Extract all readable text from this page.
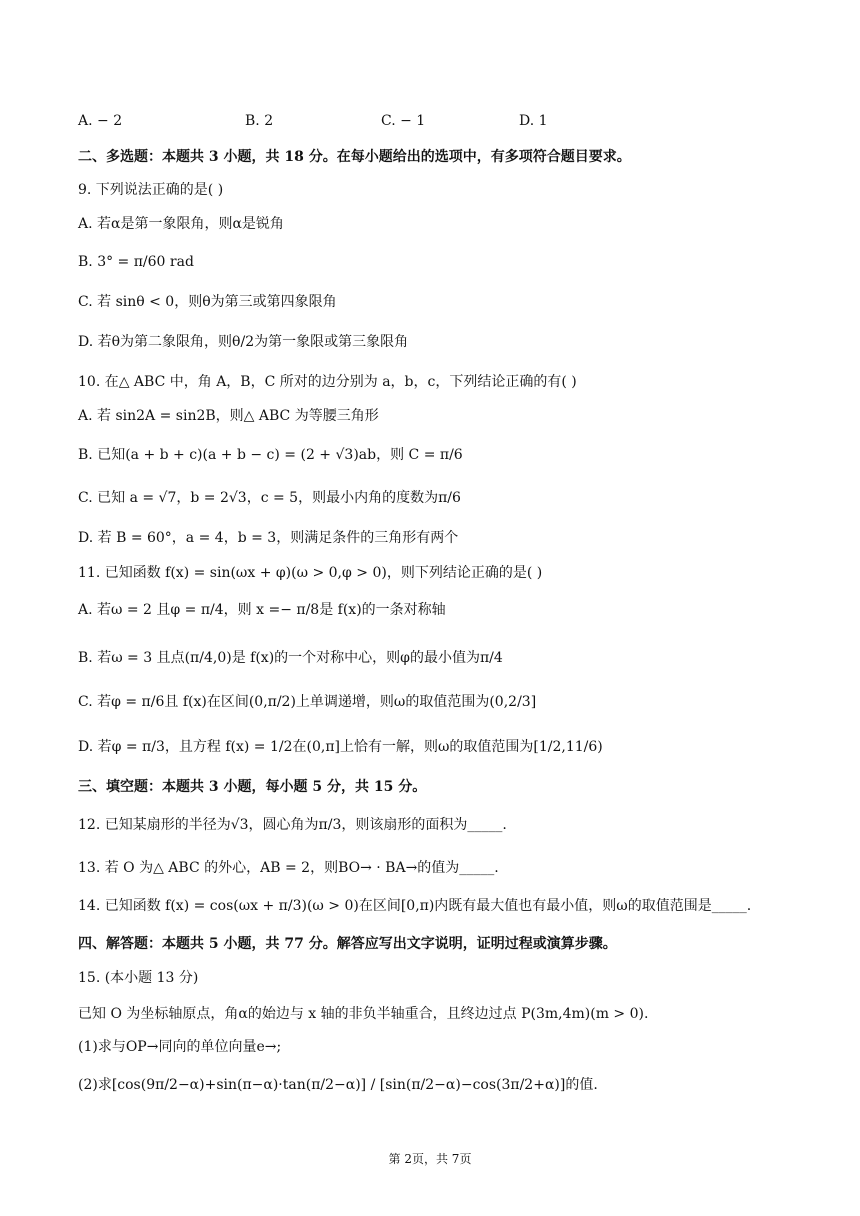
A. − 2	B. 2	C. − 1	D. 1
二、多选题：本题共 3 小题，共 18 分。在每小题给出的选项中，有多项符合题目要求。
9. 下列说法正确的是( )
A. 若α是第一象限角，则α是锐角
B. 3° = π/60 rad
C. 若 sinθ < 0，则θ为第三或第四象限角
D. 若θ为第二象限角，则θ/2为第一象限或第三象限角
10. 在△ ABC 中，角 A，B，C 所对的边分别为 a，b，c，下列结论正确的有( )
A. 若 sin2A = sin2B，则△ ABC 为等腰三角形
B. 已知(a + b + c)(a + b − c) = (2 + √3)ab，则 C = π/6
C. 已知 a = √7，b = 2√3，c = 5，则最小内角的度数为π/6
D. 若 B = 60°，a = 4，b = 3，则满足条件的三角形有两个
11. 已知函数 f(x) = sin(ωx + φ)(ω > 0,φ > 0)，则下列结论正确的是( )
A. 若ω = 2 且φ = π/4，则 x =− π/8是 f(x)的一条对称轴
B. 若ω = 3 且点(π/4,0)是 f(x)的一个对称中心，则φ的最小值为π/4
C. 若φ = π/6且 f(x)在区间(0,π/2)上单调递增，则ω的取值范围为(0,2/3]
D. 若φ = π/3，且方程 f(x) = 1/2在(0,π]上恰有一解，则ω的取值范围为[1/2,11/6)
三、填空题：本题共 3 小题，每小题 5 分，共 15 分。
12. 已知某扇形的半径为√3，圆心角为π/3，则该扇形的面积为_____.
13. 若 O 为△ ABC 的外心，AB = 2，则BO→ · BA→的值为_____.
14. 已知函数 f(x) = cos(ωx + π/3)(ω > 0)在区间[0,π)内既有最大值也有最小值，则ω的取值范围是_____.
四、解答题：本题共 5 小题，共 77 分。解答应写出文字说明，证明过程或演算步骤。
15. (本小题 13 分)
已知 O 为坐标轴原点，角α的始边与 x 轴的非负半轴重合，且终边过点 P(3m,4m)(m > 0).
(1)求与OP→同向的单位向量e→;
(2)求[cos(9π/2−α)+sin(π−α)·tan(π/2−α)] / [sin(π/2−α)−cos(3π/2+α)]的值.
第 2页，共 7页
